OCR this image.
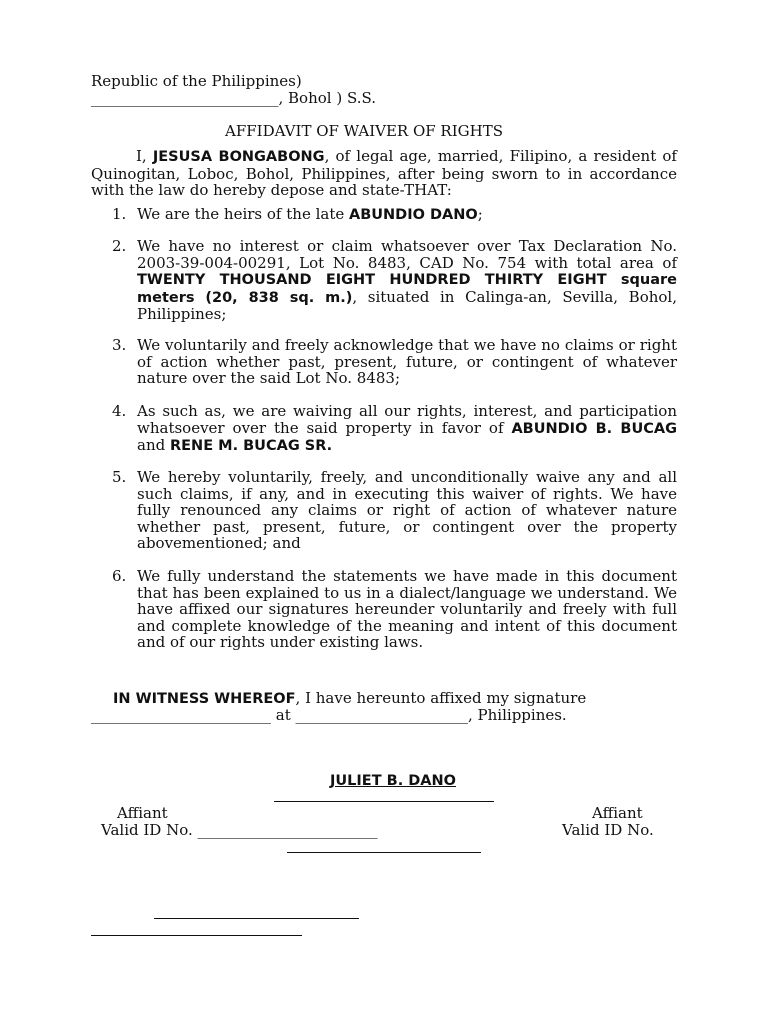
Republic of the Philippines)

_________________________, Bohol ) S.S.

AFFIDAVIT OF WAIVER OF RIGHTS

I, JESUSA BONGABONG, of legal age, married, Filipino, a resident of Quinogitan, Loboc, Bohol, Philippines, after being sworn to in accordance with the law do hereby depose and state-THAT:

1. We are the heirs of the late ABUNDIO DANO;

2. We have no interest or claim whatsoever over Tax Declaration No. 2003-39-004-00291, Lot No. 8483, CAD No. 754 with total area of TWENTY THOUSAND EIGHT HUNDRED THIRTY EIGHT square meters (20, 838 sq. m.), situated in Calinga-an, Sevilla, Bohol, Philippines;

3. We voluntarily and freely acknowledge that we have no claims or right of action whether past, present, future, or contingent of whatever nature over the said Lot No. 8483;

4. As such as, we are waiving all our rights, interest, and participation whatsoever over the said property in favor of ABUNDIO B. BUCAG and RENE M. BUCAG SR.

5. We hereby voluntarily, freely, and unconditionally waive any and all such claims, if any, and in executing this waiver of rights. We have fully renounced any claims or right of action of whatever nature whether past, present, future, or contingent over the property abovementioned; and

6. We fully understand the statements we have made in this document that has been explained to us in a dialect/language we understand. We have affixed our signatures hereunder voluntarily and freely with full and complete knowledge of the meaning and intent of this document and of our rights under existing laws.

IN WITNESS WHEREOF, I have hereunto affixed my signature

________________________ at _______________________, Philippines.

JULIET B. DANO

Affiant

Valid ID No. ________________________

Affiant

Valid ID No.
